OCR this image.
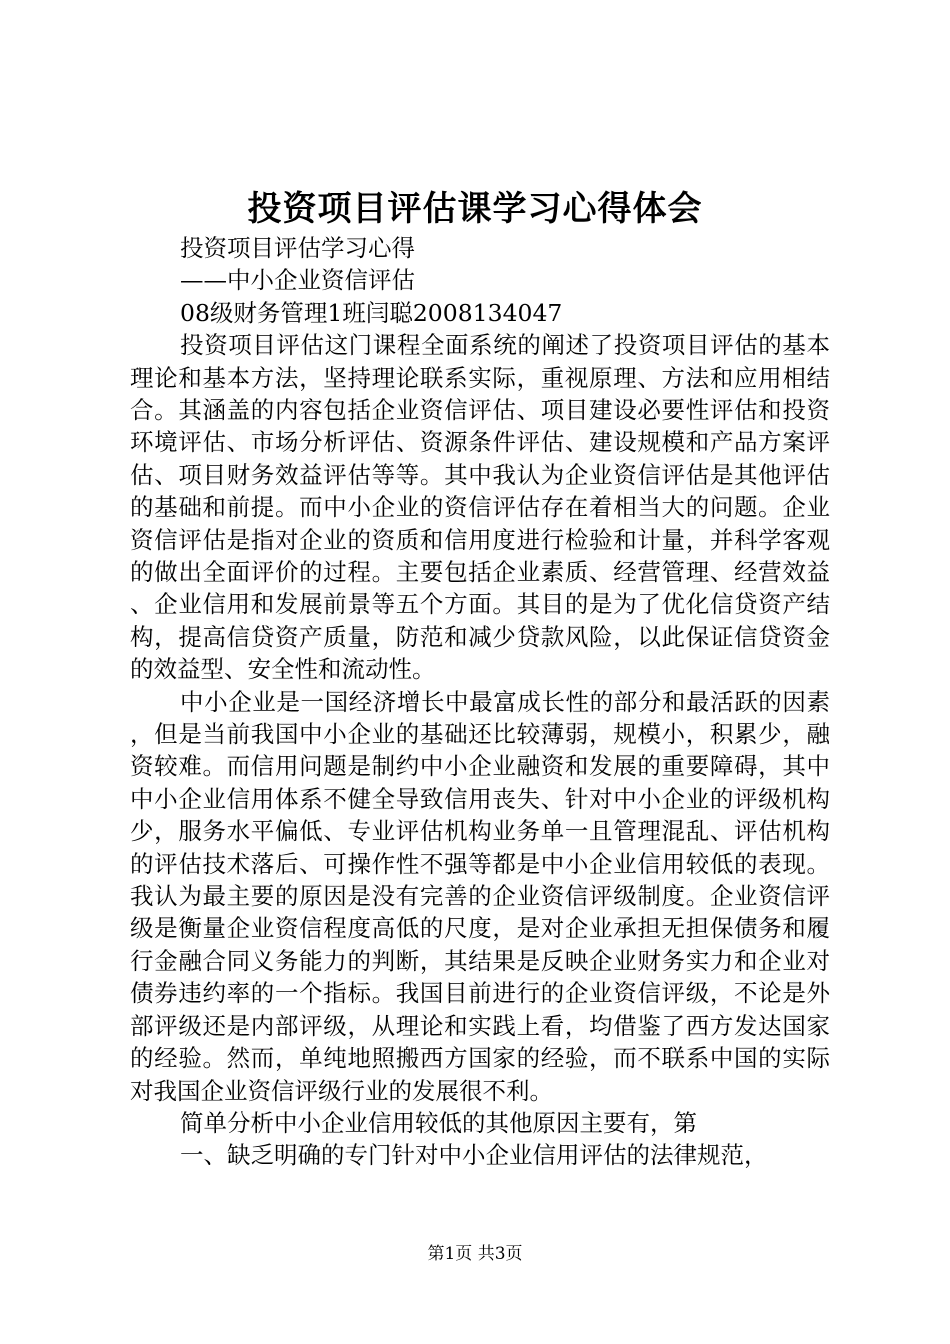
投资项目评估课学习心得体会
投资项目评估学习心得
——中小企业资信评估
08级财务管理1班闫聪2008134047
投资项目评估这门课程全面系统的阐述了投资项目评估的基本理论和基本方法，坚持理论联系实际，重视原理、方法和应用相结合。其涵盖的内容包括企业资信评估、项目建设必要性评估和投资环境评估、市场分析评估、资源条件评估、建设规模和产品方案评估、项目财务效益评估等等。其中我认为企业资信评估是其他评估的基础和前提。而中小企业的资信评估存在着相当大的问题。企业资信评估是指对企业的资质和信用度进行检验和计量，并科学客观的做出全面评价的过程。主要包括企业素质、经营管理、经营效益、企业信用和发展前景等五个方面。其目的是为了优化信贷资产结构，提高信贷资产质量，防范和减少贷款风险，以此保证信贷资金的效益型、安全性和流动性。
中小企业是一国经济增长中最富成长性的部分和最活跃的因素，但是当前我国中小企业的基础还比较薄弱，规模小，积累少，融资较难。而信用问题是制约中小企业融资和发展的重要障碍，其中中小企业信用体系不健全导致信用丧失、针对中小企业的评级机构少，服务水平偏低、专业评估机构业务单一且管理混乱、评估机构的评估技术落后、可操作性不强等都是中小企业信用较低的表现。我认为最主要的原因是没有完善的企业资信评级制度。企业资信评级是衡量企业资信程度高低的尺度，是对企业承担无担保债务和履行金融合同义务能力的判断，其结果是反映企业财务实力和企业对债券违约率的一个指标。我国目前进行的企业资信评级，不论是外部评级还是内部评级，从理论和实践上看，均借鉴了西方发达国家的经验。然而，单纯地照搬西方国家的经验，而不联系中国的实际对我国企业资信评级行业的发展很不利。
简单分析中小企业信用较低的其他原因主要有，第
一、缺乏明确的专门针对中小企业信用评估的法律规范，
第1页 共3页
